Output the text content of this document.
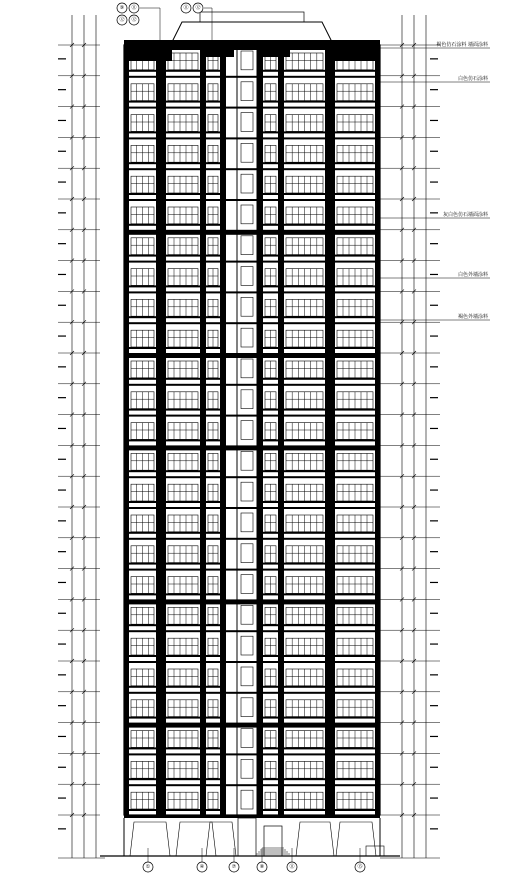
⑨ ⑪
⑫ ⑫
⑪ ⑫
①	④	⑦	⑧	⑪	⑮
褐色仿石涂料 墙面涂料
白色仿石涂料
灰白色仿石墙面涂料
白色外墙涂料
褐色外墙涂料
